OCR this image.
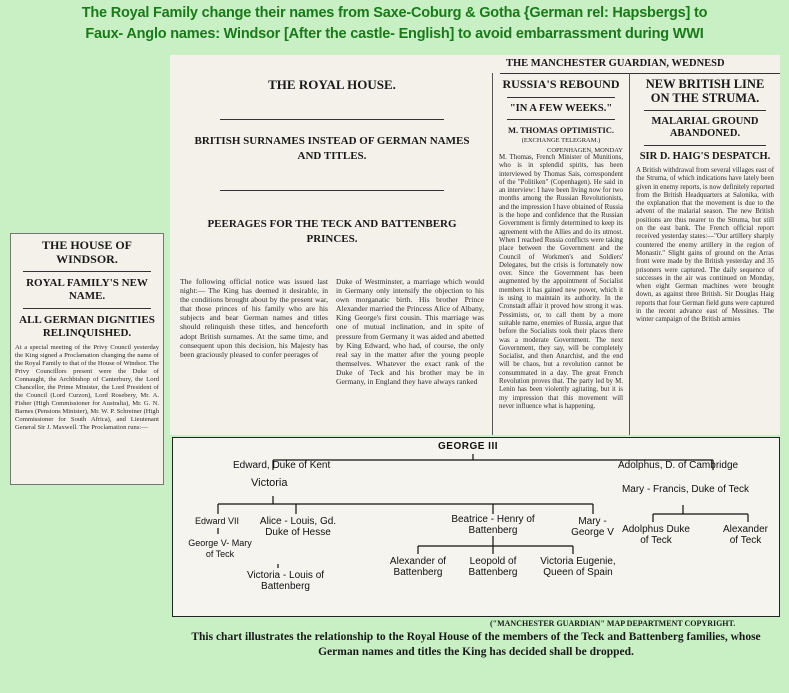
The Royal Family change their names from Saxe-Coburg & Gotha {German rel: Hapsbergs] to
Faux- Anglo names: Windsor [After the castle- English] to avoid embarrassment during WWI
THE HOUSE OF WINDSOR.
ROYAL FAMILY'S NEW NAME.
ALL GERMAN DIGNITIES RELINQUISHED.
At a special meeting of the Privy Council yesterday the King signed a Proclamation changing the name of the Royal Family to that of the House of Windsor. The Privy Councillors present were the Duke of Connaught, the Archbishop of Canterbury, the Lord Chancellor, the Prime Minister, the Lord President of the Council (Lord Curzon), Lord Rosebery, Mr. A. Fisher (High Commissioner for Australia), Mr. G. N. Barnes (Pensions Minister), Mr. W. P. Schreiner (High Commissioner for South Africa), and Lieutenant General Sir J. Maxwell. The Proclamation runs:—
THE MANCHESTER GUARDIAN, WEDNESD
THE ROYAL HOUSE.
BRITISH SURNAMES INSTEAD OF GERMAN NAMES AND TITLES.
PEERAGES FOR THE TECK AND BATTENBERG PRINCES.
The following official notice was issued last night:— The King has deemed it desirable, in the conditions brought about by the present war, that those princes of his family who are his subjects and bear German names and titles should relinquish these titles, and henceforth adopt British surnames. At the same time, and consequent upon this decision, his Majesty has been graciously pleased to confer peerages of
Duke of Westminster, a marriage which would in Germany only intensify the objection to his own morganatic birth. His brother Prince Alexander married the Princess Alice of Albany, King George's first cousin. This marriage was one of mutual inclination, and in spite of pressure from Germany it was aided and abetted by King Edward, who had, of course, the only real say in the matter after the young people themselves. Whatever the exact rank of the Duke of Teck and his brother may be in Germany, in England they have always ranked
RUSSIA'S REBOUND
"IN A FEW WEEKS."
M. THOMAS OPTIMISTIC.
(EXCHANGE TELEGRAM.)
COPENHAGEN, MONDAY
M. Thomas, French Minister of Munitions, who is in splendid spirits, has been interviewed by Thomas Sais, correspondent of the "Politiken" (Copenhagen). He said in an interview: I have been living now for two months among the Russian Revolutionists, and the impression I have obtained of Russia is the hope and confidence that the Russian Government is firmly determined to keep its agreement with the Allies and do its utmost. When I reached Russia conflicts were taking place between the Government and the Council of Workmen's and Soldiers' Delegates, but the crisis is fortunately now over. Since the Government has been augmented by the appointment of Socialist members it has gained new power, which it is using to maintain its authority. In the Cronstadt affair it proved how strong it was. Pessimists, or, to call them by a more suitable name, enemies of Russia, argue that before the Socialists took their places there was a moderate Government. The next Government, they say, will be completely Socialist, and then Anarchist, and the end will be chaos, but a revolution cannot be consummated in a day. The great French Revolution proves that. The party led by M. Lenin has been violently agitating, but it is my impression that this movement will never influence what is happening.
NEW BRITISH LINE ON THE STRUMA.
MALARIAL GROUND ABANDONED.
SIR D. HAIG'S DESPATCH.
A British withdrawal from several villages east of the Struma, of which indications have lately been given in enemy reports, is now definitely reported from the British Headquarters at Salonika, with the explanation that the movement is due to the advent of the malarial season. The new British positions are thus nearer to the Struma, but still on the east bank. The French official report received yesterday states:—"Our artillery sharply countered the enemy artillery in the region of Monastir." Slight gains of ground on the Arras front were made by the British yesterday and 35 prisoners were captured. The daily sequence of successes in the air was continued on Monday, when eight German machines were brought down, as against three British. Sir Douglas Haig reports that four German field guns were captured in the recent advance east of Messines. The winter campaign of the British armies
GEORGE III
Edward, Duke of Kent
Victoria
Adolphus, D. of Cambridge
Mary - Francis, Duke of Teck
Edward VII
George V- Mary of Teck
Alice - Louis, Gd. Duke of Hesse
Victoria - Louis of Battenberg
Beatrice - Henry of Battenberg
Alexander of Battenberg
Leopold of Battenberg
Victoria Eugenie, Queen of Spain
Mary - George V Adolphus Duke of Teck
Alexander of Teck
("MANCHESTER GUARDIAN" MAP DEPARTMENT COPYRIGHT.
This chart illustrates the relationship to the Royal House of the members of the Teck and Battenberg families, whose German names and titles the King has decided shall be dropped.
